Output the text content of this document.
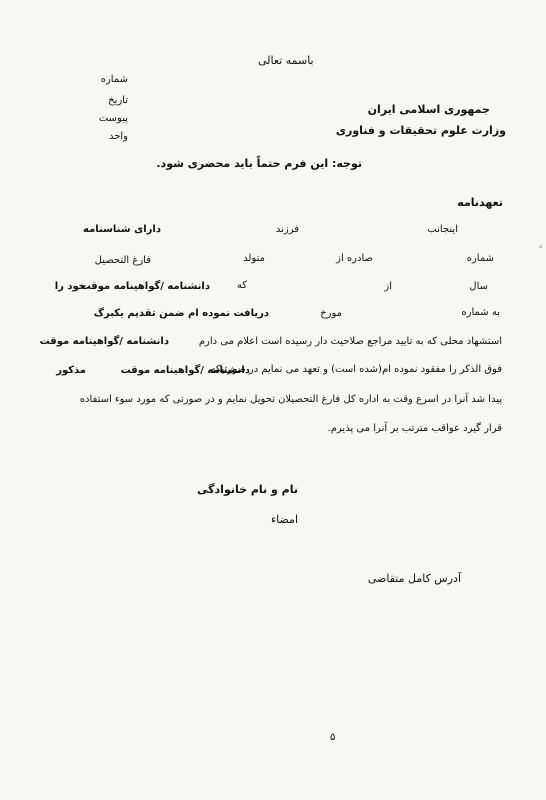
باسمه تعالی
شماره
تاریخ
پیوست
واحد
جمهوری اسلامی ایران
وزارت علوم تحقیقات و فناوری
توجه: این فرم حتماً باید محضری شود.
تعهدنامه
اینجانب
فرزند
دارای شناسنامه
شماره
صادره از
متولد
فارغ التحصیل
سال
از
که
دانشنامه /گواهینامه موقت
خود را
به شماره
مورخ
دریافت نموده ام ضمن تقدیم یکبرگ
استشهاد محلی که به تایید مراجع صلاحیت دار رسیده است اعلام می دارم
دانشنامه /گواهینامه موقت
فوق الذکر را مفقود نموده ام(شده است) و تعهد می نمایم در صورتیکه
دانشنامه /گواهینامه موقت
مذکور
پیدا شد آنرا در اسرع وقت به اداره کل فارغ التحصیلان تحویل نمایم و در صورتی که مورد سوء استفاده
قرار گیرد عواقب مترتب بر آنرا می پذیرم.
نام و نام خانوادگی
امضاء
آدرس کامل متقاضی
۵
◦
